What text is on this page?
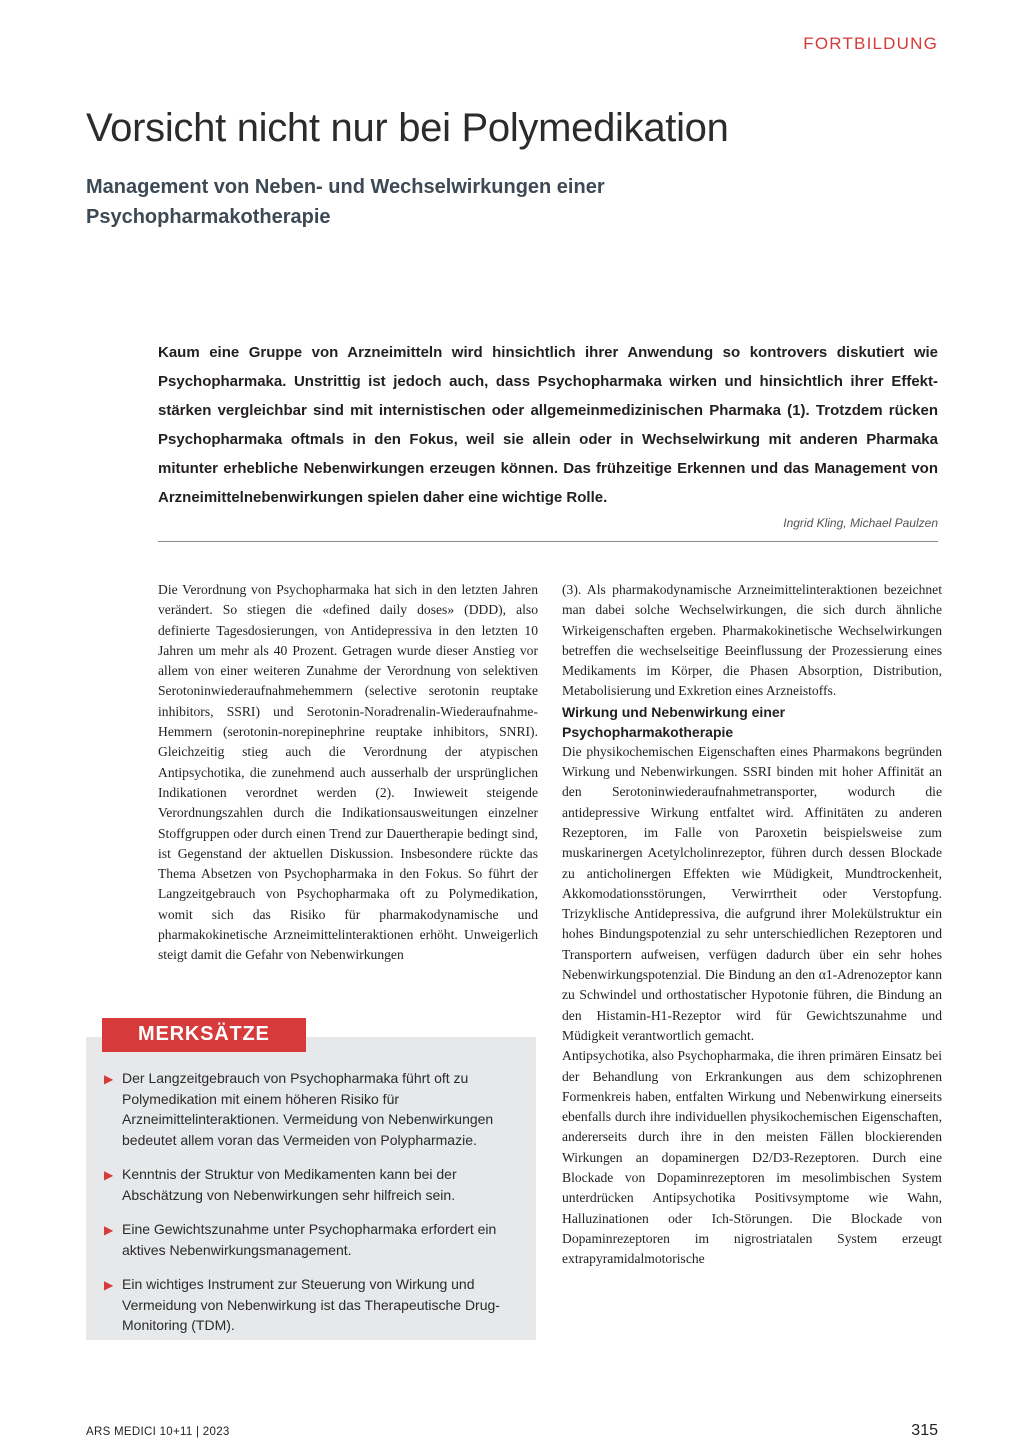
FORTBILDUNG
Vorsicht nicht nur bei Polymedikation
Management von Neben- und Wechselwirkungen einer Psychopharmakotherapie

Kaum eine Gruppe von Arzneimitteln wird hinsichtlich ihrer Anwendung so kontrovers diskutiert wie Psychopharmaka. Unstrittig ist jedoch auch, dass Psychopharmaka wirken und hinsichtlich ihrer Effektstärken vergleichbar sind mit internistischen oder allgemeinmedizinischen Pharmaka (1). Trotzdem rücken Psychopharmaka oftmals in den Fokus, weil sie allein oder in Wechselwirkung mit anderen Pharmaka mitunter erhebliche Nebenwirkungen erzeugen können. Das frühzeitige Erkennen und das Management von Arzneimittelnebenwirkungen spielen daher eine wichtige Rolle.

Ingrid Kling, Michael Paulzen

Die Verordnung von Psychopharmaka hat sich in den letzten Jahren verändert. So stiegen die «defined daily doses» (DDD), also definierte Tagesdosierungen, von Antidepressiva in den letzten 10 Jahren um mehr als 40 Prozent. Getragen wurde dieser Anstieg vor allem von einer weiteren Zunahme der Verordnung von selektiven Serotoninwiederaufnahmehemmern (selective serotonin reuptake inhibitors, SSRI) und Serotonin-Noradrenalin-Wiederaufnahme-Hemmern (serotonin-norepinephrine reuptake inhibitors, SNRI). Gleichzeitig stieg auch die Verordnung der atypischen Antipsychotika, die zunehmend auch ausserhalb der ursprünglichen Indikationen verordnet werden (2). Inwieweit steigende Verordnungszahlen durch die Indikationsausweitungen einzelner Stoffgruppen oder durch einen Trend zur Dauertherapie bedingt sind, ist Gegenstand der aktuellen Diskussion. Insbesondere rückte das Thema Absetzen von Psychopharmaka in den Fokus. So führt der Langzeitgebrauch von Psychopharmaka oft zu Polymedikation, womit sich das Risiko für pharmakodynamische und pharmakokinetische Arzneimittelinteraktionen erhöht. Unweigerlich steigt damit die Gefahr von Nebenwirkungen

(3). Als pharmakodynamische Arzneimittelinteraktionen bezeichnet man dabei solche Wechselwirkungen, die sich durch ähnliche Wirkeigenschaften ergeben. Pharmakokinetische Wechselwirkungen betreffen die wechselseitige Beeinflussung der Prozessierung eines Medikaments im Körper, die Phasen Absorption, Distribution, Metabolisierung und Exkretion eines Arzneistoffs.

Wirkung und Nebenwirkung einer Psychopharmakotherapie

Die physikochemischen Eigenschaften eines Pharmakons begründen Wirkung und Nebenwirkungen. SSRI binden mit hoher Affinität an den Serotoninwiederaufnahmetransporter, wodurch die antidepressive Wirkung entfaltet wird. Affinitäten zu anderen Rezeptoren, im Falle von Paroxetin beispielsweise zum muskarinergen Acetylcholinrezeptor, führen durch dessen Blockade zu anticholinergen Effekten wie Müdigkeit, Mundtrockenheit, Akkomodationsstörungen, Verwirrtheit oder Verstopfung. Trizyklische Antidepressiva, die aufgrund ihrer Molekülstruktur ein hohes Bindungspotenzial zu sehr unterschiedlichen Rezeptoren und Transportern aufweisen, verfügen dadurch über ein sehr hohes Nebenwirkungspotenzial. Die Bindung an den α1-Adrenozeptor kann zu Schwindel und orthostatischer Hypotonie führen, die Bindung an den Histamin-H1-Rezeptor wird für Gewichtszunahme und Müdigkeit verantwortlich gemacht.

Antipsychotika, also Psychopharmaka, die ihren primären Einsatz bei der Behandlung von Erkrankungen aus dem schizophrenen Formenkreis haben, entfalten Wirkung und Nebenwirkung einerseits ebenfalls durch ihre individuellen physikochemischen Eigenschaften, andererseits durch ihre in den meisten Fällen blockierenden Wirkungen an dopaminergen D2/D3-Rezeptoren. Durch eine Blockade von Dopaminrezeptoren im mesolimbischen System unterdrücken Antipsychotika Positivsymptome wie Wahn, Halluzinationen oder Ich-Störungen. Die Blockade von Dopaminrezeptoren im nigrostriatalen System erzeugt extrapyramidalmotorische

MERKSÄTZE
▶ Der Langzeitgebrauch von Psychopharmaka führt oft zu Polymedikation mit einem höheren Risiko für Arzneimittelinteraktionen. Vermeidung von Nebenwirkungen bedeutet allem voran das Vermeiden von Polypharmazie.
▶ Kenntnis der Struktur von Medikamenten kann bei der Abschätzung von Nebenwirkungen sehr hilfreich sein.
▶ Eine Gewichtszunahme unter Psychopharmaka erfordert ein aktives Nebenwirkungsmanagement.
▶ Ein wichtiges Instrument zur Steuerung von Wirkung und Vermeidung von Nebenwirkung ist das Therapeutische Drug-Monitoring (TDM).
ARS MEDICI 10+11 | 2023	315
